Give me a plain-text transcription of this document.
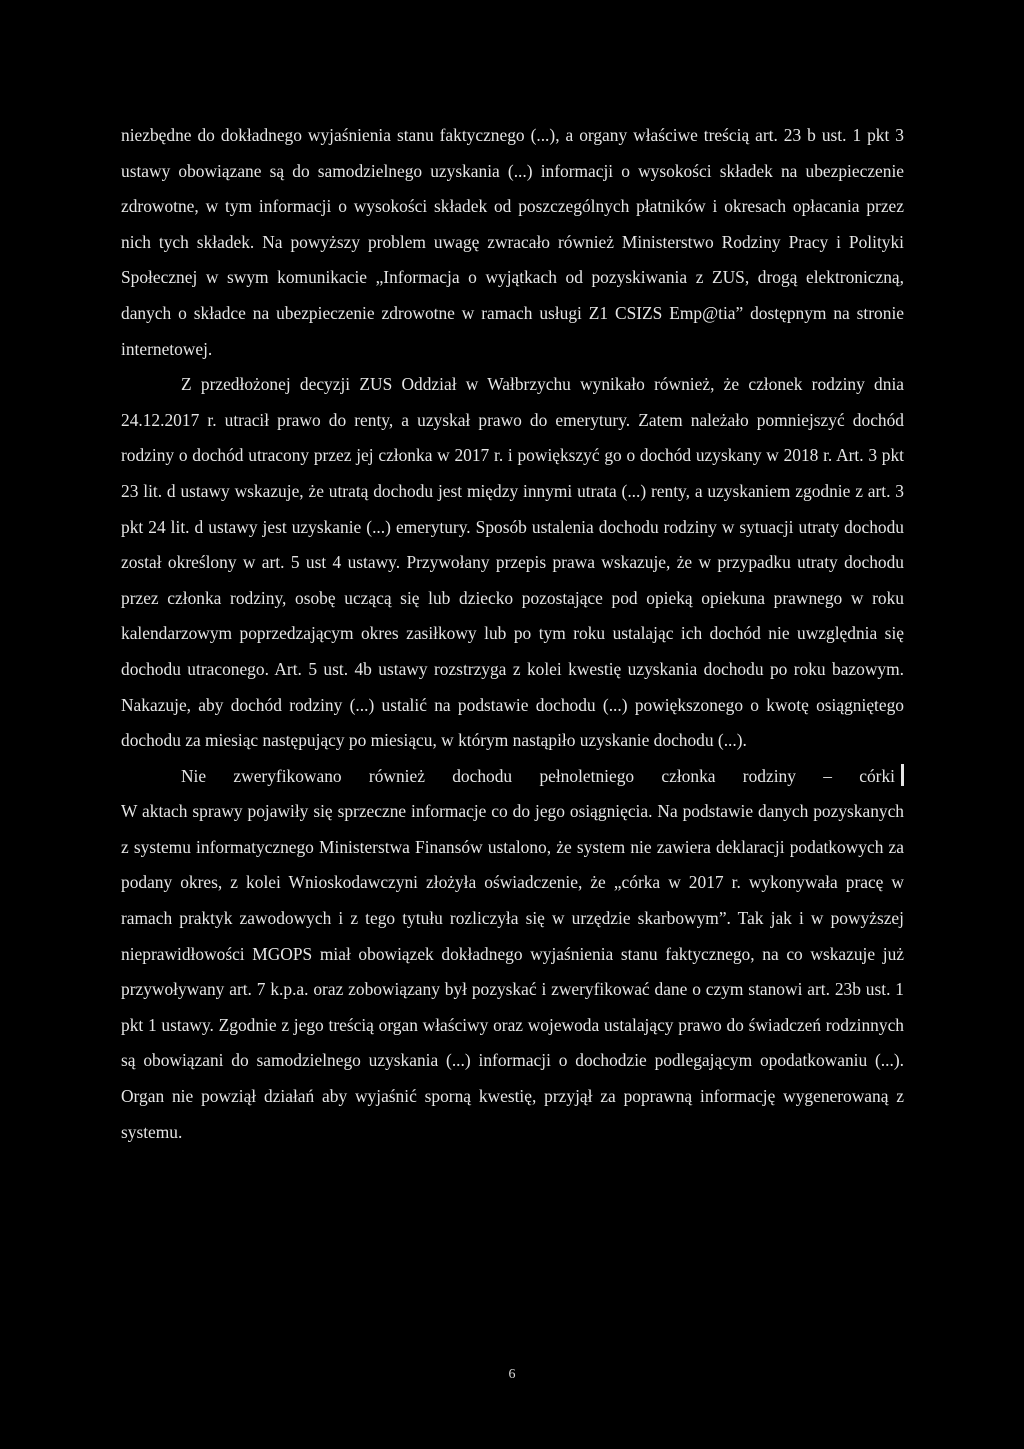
niezbędne do dokładnego wyjaśnienia stanu faktycznego (...), a organy właściwe treścią art. 23 b ust. 1 pkt 3 ustawy obowiązane są do samodzielnego uzyskania (...) informacji o wysokości składek na ubezpieczenie zdrowotne, w tym informacji o wysokości składek od poszczególnych płatników i okresach opłacania przez nich tych składek. Na powyższy problem uwagę zwracało również Ministerstwo Rodziny Pracy i Polityki Społecznej w swym komunikacie „Informacja o wyjątkach od pozyskiwania z ZUS, drogą elektroniczną, danych o składce na ubezpieczenie zdrowotne w ramach usługi Z1 CSIZS Emp@tia” dostępnym na stronie internetowej.

Z przedłożonej decyzji ZUS Oddział w Wałbrzychu wynikało również, że członek rodziny dnia 24.12.2017 r. utracił prawo do renty, a uzyskał prawo do emerytury. Zatem należało pomniejszyć dochód rodziny o dochód utracony przez jej członka w 2017 r. i powiększyć go o dochód uzyskany w 2018 r. Art. 3 pkt 23 lit. d ustawy wskazuje, że utratą dochodu jest między innymi utrata (...) renty, a uzyskaniem zgodnie z art. 3 pkt 24 lit. d ustawy jest uzyskanie (...) emerytury. Sposób ustalenia dochodu rodziny w sytuacji utraty dochodu został określony w art. 5 ust 4 ustawy. Przywołany przepis prawa wskazuje, że w przypadku utraty dochodu przez członka rodziny, osobę uczącą się lub dziecko pozostające pod opieką opiekuna prawnego w roku kalendarzowym poprzedzającym okres zasiłkowy lub po tym roku ustalając ich dochód nie uwzględnia się dochodu utraconego. Art. 5 ust. 4b ustawy rozstrzyga z kolei kwestię uzyskania dochodu po roku bazowym. Nakazuje, aby dochód rodziny (...) ustalić na podstawie dochodu (...) powiększonego o kwotę osiągniętego dochodu za miesiąc następujący po miesiącu, w którym nastąpiło uzyskanie dochodu (...).

Nie zweryfikowano również dochodu pełnoletniego członka rodziny – córki

W aktach sprawy pojawiły się sprzeczne informacje co do jego osiągnięcia. Na podstawie danych pozyskanych z systemu informatycznego Ministerstwa Finansów ustalono, że system nie zawiera deklaracji podatkowych za podany okres, z kolei Wnioskodawczyni złożyła oświadczenie, że „córka w 2017 r. wykonywała pracę w ramach praktyk zawodowych i z tego tytułu rozliczyła się w urzędzie skarbowym”. Tak jak i w powyższej nieprawidłowości MGOPS miał obowiązek dokładnego wyjaśnienia stanu faktycznego, na co wskazuje już przywoływany art. 7 k.p.a. oraz zobowiązany był pozyskać i zweryfikować dane o czym stanowi art. 23b ust. 1 pkt 1 ustawy. Zgodnie z jego treścią organ właściwy oraz wojewoda ustalający prawo do świadczeń rodzinnych są obowiązani do samodzielnego uzyskania (...) informacji o dochodzie podlegającym opodatkowaniu (...). Organ nie powziął działań aby wyjaśnić sporną kwestię, przyjął za poprawną informację wygenerowaną z systemu.

6
